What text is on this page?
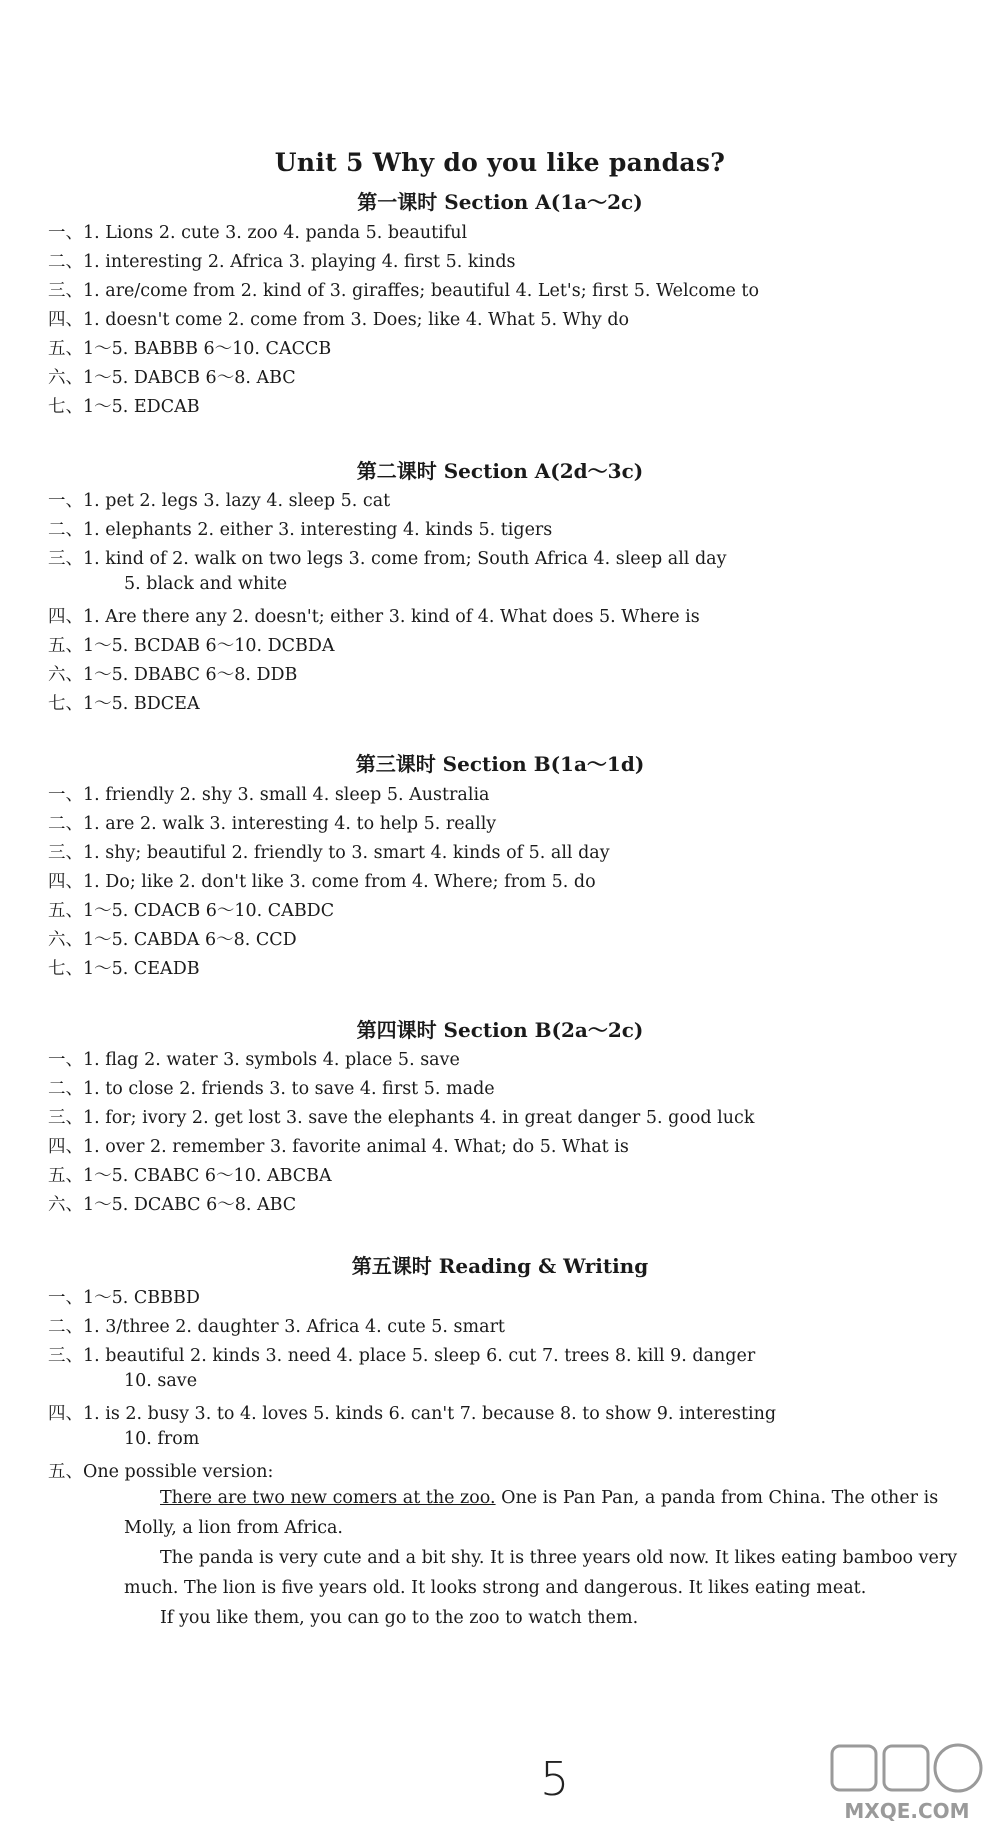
Unit 5 Why do you like pandas?
第一课时 Section A(1a～2c)
一、1. Lions 2. cute 3. zoo 4. panda 5. beautiful
二、1. interesting 2. Africa 3. playing 4. first 5. kinds
三、1. are/come from 2. kind of 3. giraffes; beautiful 4. Let's; first 5. Welcome to
四、1. doesn't come 2. come from 3. Does; like 4. What 5. Why do
五、1～5. BABBB 6～10. CACCB
六、1～5. DABCB 6～8. ABC
七、1～5. EDCAB
第二课时 Section A(2d～3c)
一、1. pet 2. legs 3. lazy 4. sleep 5. cat
二、1. elephants 2. either 3. interesting 4. kinds 5. tigers
三、1. kind of 2. walk on two legs 3. come from; South Africa 4. sleep all day
5. black and white
四、1. Are there any 2. doesn't; either 3. kind of 4. What does 5. Where is
五、1～5. BCDAB 6～10. DCBDA
六、1～5. DBABC 6～8. DDB
七、1～5. BDCEA
第三课时 Section B(1a～1d)
一、1. friendly 2. shy 3. small 4. sleep 5. Australia
二、1. are 2. walk 3. interesting 4. to help 5. really
三、1. shy; beautiful 2. friendly to 3. smart 4. kinds of 5. all day
四、1. Do; like 2. don't like 3. come from 4. Where; from 5. do
五、1～5. CDACB 6～10. CABDC
六、1～5. CABDA 6～8. CCD
七、1～5. CEADB
第四课时 Section B(2a～2c)
一、1. flag 2. water 3. symbols 4. place 5. save
二、1. to close 2. friends 3. to save 4. first 5. made
三、1. for; ivory 2. get lost 3. save the elephants 4. in great danger 5. good luck
四、1. over 2. remember 3. favorite animal 4. What; do 5. What is
五、1～5. CBABC 6～10. ABCBA
六、1～5. DCABC 6～8. ABC
第五课时 Reading & Writing
一、1～5. CBBBD
二、1. 3/three 2. daughter 3. Africa 4. cute 5. smart
三、1. beautiful 2. kinds 3. need 4. place 5. sleep 6. cut 7. trees 8. kill 9. danger
10. save
四、1. is 2. busy 3. to 4. loves 5. kinds 6. can't 7. because 8. to show 9. interesting
10. from
五、One possible version:
There are two new comers at the zoo. One is Pan Pan, a panda from China. The other is
Molly, a lion from Africa.
The panda is very cute and a bit shy. It is three years old now. It likes eating bamboo very
much. The lion is five years old. It looks strong and dangerous. It likes eating meat.
If you like them, you can go to the zoo to watch them.
5
MXQE.COM
